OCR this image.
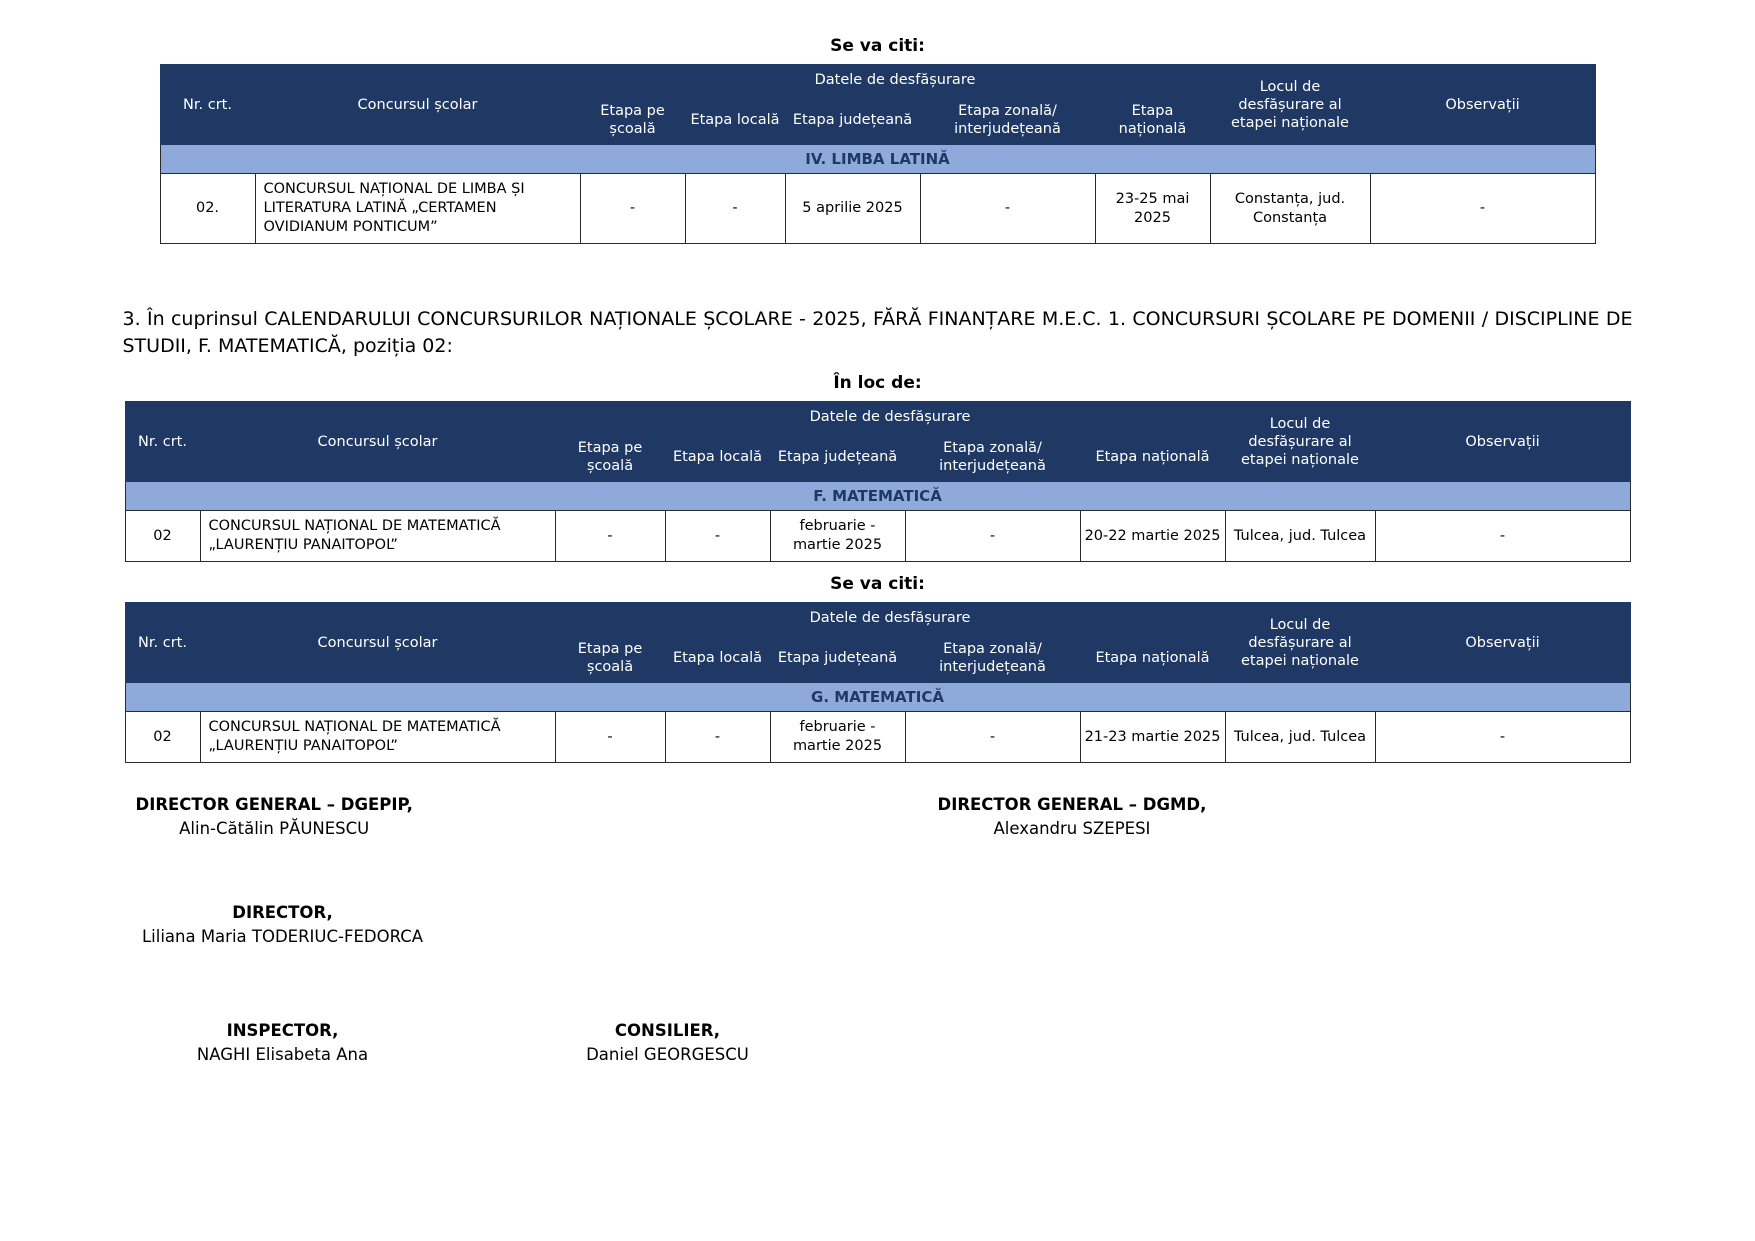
Se va citi:
Nr. crt.	Concursul școlar	Datele de desfășurare					Locul de desfășurare al etapei naționale	Observații
		Etapa pe școală	Etapa locală	Etapa județeană	Etapa zonală/ interjudețeană	Etapa națională		
IV. LIMBA LATINĂ								
02.	CONCURSUL NAȚIONAL DE LIMBA ȘI LITERATURA LATINĂ „CERTAMEN OVIDIANUM PONTICUM”	-	-	5 aprilie 2025	-	23-25 mai 2025	Constanța, jud. Constanța	-

3. În cuprinsul CALENDARULUI CONCURSURILOR NAȚIONALE ȘCOLARE - 2025, FĂRĂ FINANȚARE M.E.C. 1. CONCURSURI ȘCOLARE PE DOMENII / DISCIPLINE DE STUDII, F. MATEMATICĂ, poziția 02:

În loc de:
Nr. crt.	Concursul școlar	Datele de desfășurare					Locul de desfășurare al etapei naționale	Observații
		Etapa pe școală	Etapa locală	Etapa județeană	Etapa zonală/ interjudețeană	Etapa națională		
F. MATEMATICĂ								
02	CONCURSUL NAȚIONAL DE MATEMATICĂ „LAURENȚIU PANAITOPOL”	-	-	februarie - martie 2025	-	20-22 martie 2025	Tulcea, jud. Tulcea	-
Se va citi:
Nr. crt.	Concursul școlar	Datele de desfășurare					Locul de desfășurare al etapei naționale	Observații
		Etapa pe școală	Etapa locală	Etapa județeană	Etapa zonală/ interjudețeană	Etapa națională		
G. MATEMATICĂ								
02	CONCURSUL NAȚIONAL DE MATEMATICĂ „LAURENȚIU PANAITOPOL”	-	-	februarie - martie 2025	-	21-23 martie 2025	Tulcea, jud. Tulcea	-
DIRECTOR GENERAL – DGEPIP,
Alin-Cătălin PĂUNESCU
DIRECTOR GENERAL – DGMD,
Alexandru SZEPESI
DIRECTOR,
Liliana Maria TODERIUC-FEDORCA
INSPECTOR,
NAGHI Elisabeta Ana
CONSILIER,
Daniel GEORGESCU
